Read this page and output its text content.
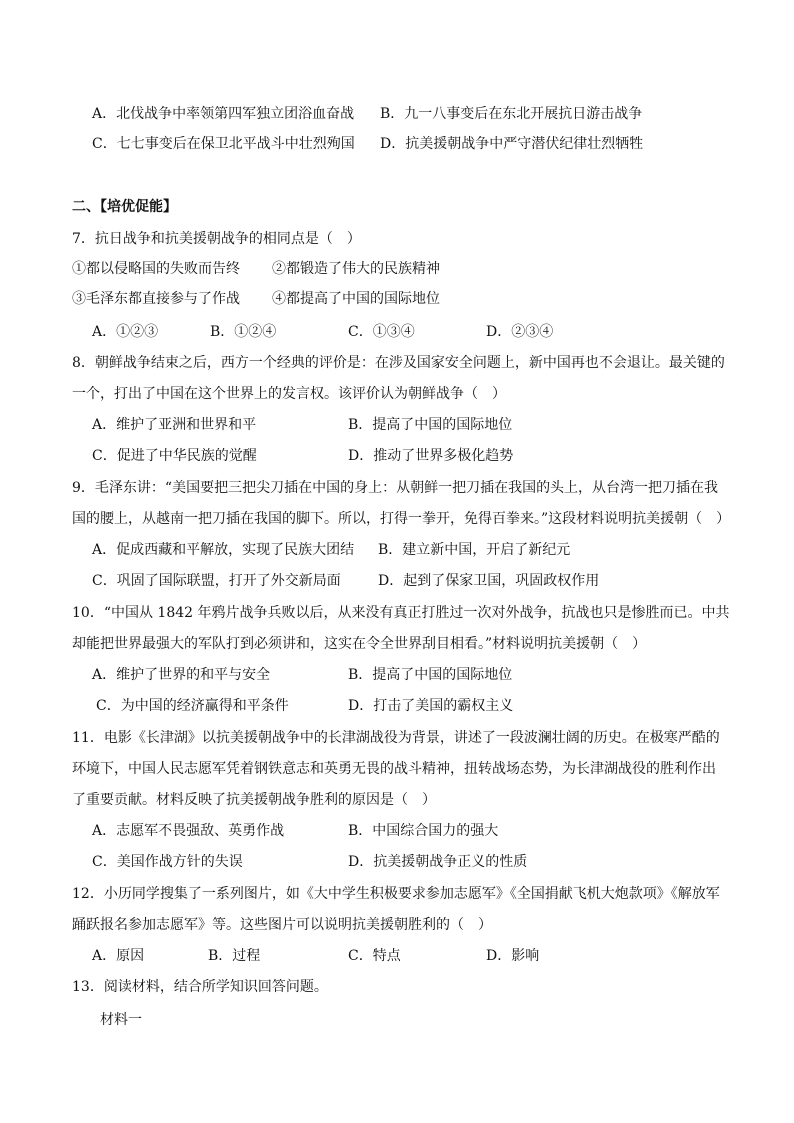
A．北伐战争中率领第四军独立团浴血奋战 B．九一八事变后在东北开展抗日游击战争
C．七七事变后在保卫北平战斗中壮烈殉国 D．抗美援朝战争中严守潜伏纪律壮烈牺牲
二、【培优促能】
7．抗日战争和抗美援朝战争的相同点是（　）
①都以侵略国的失败而告终 ②都锻造了伟大的民族精神
③毛泽东都直接参与了作战 ④都提高了中国的国际地位
A．①②③	B．①②④	C．①③④	D．②③④
8．朝鲜战争结束之后，西方一个经典的评价是：在涉及国家安全问题上，新中国再也不会退让。最关键的
一个，打出了中国在这个世界上的发言权。该评价认为朝鲜战争（　）
A．维护了亚洲和世界和平	B．提高了中国的国际地位
C．促进了中华民族的觉醒	D．推动了世界多极化趋势
9．毛泽东讲：“美国要把三把尖刀插在中国的身上：从朝鲜一把刀插在我国的头上，从台湾一把刀插在我
国的腰上，从越南一把刀插在我国的脚下。所以，打得一拳开，免得百拳来。”这段材料说明抗美援朝（　）
A．促成西藏和平解放，实现了民族大团结 B．建立新中国，开启了新纪元
C．巩固了国际联盟，打开了外交新局面	D．起到了保家卫国，巩固政权作用
10．“中国从 1842 年鸦片战争兵败以后，从来没有真正打胜过一次对外战争，抗战也只是惨胜而已。中共
却能把世界最强大的军队打到必须讲和，这实在令全世界刮目相看。”材料说明抗美援朝（　）
A．维护了世界的和平与安全	B．提高了中国的国际地位
C．为中国的经济赢得和平条件	D．打击了美国的霸权主义
11．电影《长津湖》以抗美援朝战争中的长津湖战役为背景，讲述了一段波澜壮阔的历史。在极寒严酷的
环境下，中国人民志愿军凭着钢铁意志和英勇无畏的战斗精神，扭转战场态势，为长津湖战役的胜利作出
了重要贡献。材料反映了抗美援朝战争胜利的原因是（　）
A．志愿军不畏强敌、英勇作战	B．中国综合国力的强大
C．美国作战方针的失误	D．抗美援朝战争正义的性质
12．小历同学搜集了一系列图片，如《大中学生积极要求参加志愿军》《全国捐献飞机大炮款项》《解放军
踊跃报名参加志愿军》等。这些图片可以说明抗美援朝胜利的（　）
A．原因	B．过程	C．特点	D．影响
13．阅读材料，结合所学知识回答问题。
材料一
